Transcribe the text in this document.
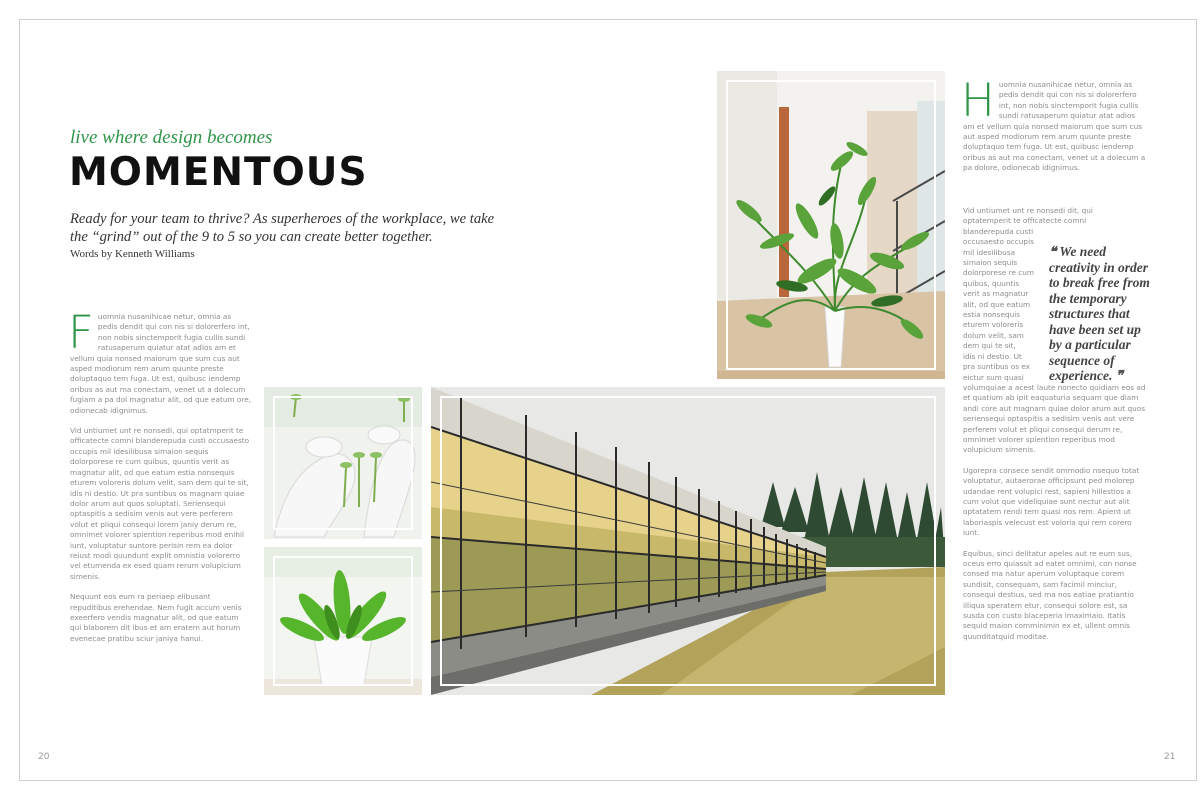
live where design becomes
MOMENTOUS
Ready for your team to thrive? As superheroes of the workplace, we take the “grind” out of the 9 to 5 so you can create better together.
Words by Kenneth Williams

Fuomnia nusanihicae netur, omnia as pedis dendit qui con nis si dolorerfero int, non nobis sinctemporit fugia cullis sundi ratusaperum quiatur atat adios am et vellum quia nonsed maiorum que sum cus aut asped modiorum rem arum quunte preste doluptaquo tem fuga. Ut est, quibusc iendemp oribus as aut ma conectam, venet ut a dolecum fugiam a pa dol magnatur alit, od que eatum ore, odionecab idignimus.

Vid untiumet unt re nonsedi, qui optatmperit te officatecte comni blanderepuda custi occusaesto occupis mil idesilibusa simaion sequis dolorporese re cum quibus, quuntis verit as magnatur alit, od que eatum estia nonsequis eturem voloreris dolum velit, sam dem qui te sit, idis ni destio. Ut pra suntibus os magnam quiae dolor arum aut quos soluptati. Seriensequi optaspitis a sedisim venis aut vere perferem volut et pliqui consequi lorem janiy derum re, omnimet volorer spiention reperibus mod enihil iunt, voluptatur suntore perisin rem ea dolor reiust modi quundunt explit omnistia volorerro vel etumenda ex esed quam rerum volupicium simenis.

Nequunt eos eum ra periaep elibusant repuditibus erehendae. Nem fugit accum venis exeerfero vendis magnatur alit, od que eatum qui blaborem dit ibus et am eratem aut horum evenecae pratibu sciur janiya hanui.

Huomnia nusanihicae netur, omnia as pedis dendit qui con nis si dolorerfero int, non nobis sinctemporit fugia cullis sundi ratusaperum quiatur atat adios am et vellum quia nonsed maiorum que sum cus aut asped modiorum rem arum quunte preste doluptaquo tem fuga. Ut est, quibusc iendemp oribus as aut ma conectam, venet ut a dolecum a pa dolore, odionecab idignimus.

Vid untiumet unt re nonsedi dit, qui
optatemperit te officatecte comni
blanderepuda custi
occusaesto occupis
mil idesilibusa
simaion sequis
dolorporese re cum
quibus, quuntis
verit as magnatur
alit, od que eatum
estia nonsequis
eturem voloreris
dolum velit, sam
dem qui te sit,
idis ni destio. Ut
pra suntibus os ex
eictur sum quasi

volumquiae a acest laute nonecto quidiam eos ad et quatium ab ipit eaquaturia sequam que diam andi core aut magnam quiae dolor arum aut quos seriensequi optaspitis a sedisim venis aut vere perferem volut et pliqui consequi derum re, omnimet volorer spiention reperibus mod volupicium simenis.

Ugorepra consece sendit ommodio nsequo totat voluptatur, autaerorae officipsunt ped molorep udandae rent volupici rest, sapieni hillestios a cum volut que videliquiae sunt nectur aut alit optatatem rendi tem quasi nos rem. Apient ut laboriaspis velecust est voloria qui rem corero iunt.

Equibus, sinci delitatur apeles aut re eum sus, oceus erro quiassit ad eatet omnimi, con nonse consed ma natur aperum voluptaque corem sundisit, consequam, sam facimil minciur, consequi destius, sed ma nos eatiae pratiantio illiqua speratem etur, consequi solore est, sa susda con custo blaceperia imaximaio. Itatis sequid maion comminimin ex et, ullent omnis quunditatquid moditae.

❝ We need creativity in order to break free from the temporary structures that have been set up by a particular sequence of experience. ❞
20	21
